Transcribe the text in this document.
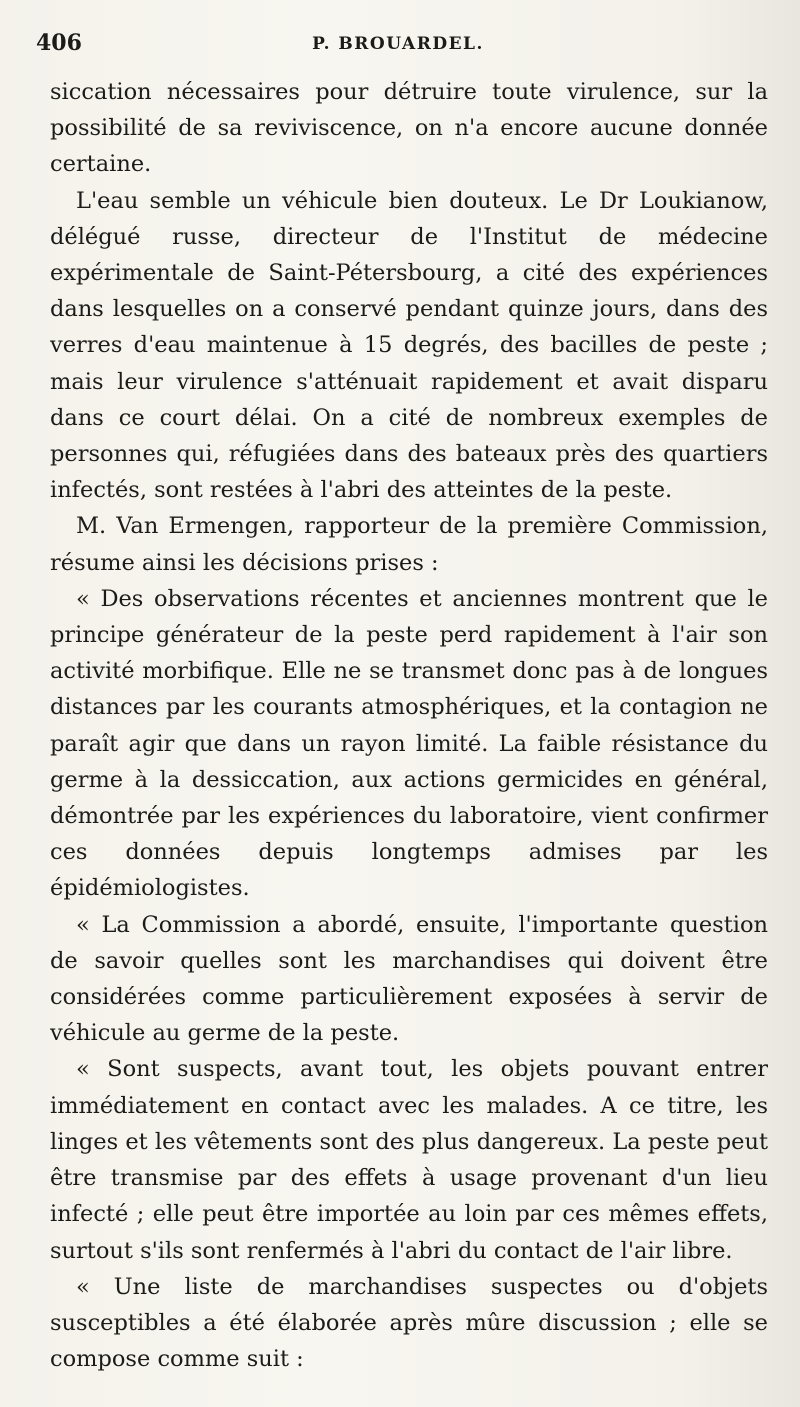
406	P. BROUARDEL.

siccation nécessaires pour détruire toute virulence, sur la possibilité de sa reviviscence, on n'a encore aucune donnée certaine.

L'eau semble un véhicule bien douteux. Le Dr Loukianow, délégué russe, directeur de l'Institut de médecine expérimentale de Saint-Pétersbourg, a cité des expériences dans lesquelles on a conservé pendant quinze jours, dans des verres d'eau maintenue à 15 degrés, des bacilles de peste ; mais leur virulence s'atténuait rapidement et avait disparu dans ce court délai. On a cité de nombreux exemples de personnes qui, réfugiées dans des bateaux près des quartiers infectés, sont restées à l'abri des atteintes de la peste.

M. Van Ermengen, rapporteur de la première Commission, résume ainsi les décisions prises :

« Des observations récentes et anciennes montrent que le principe générateur de la peste perd rapidement à l'air son activité morbifique. Elle ne se transmet donc pas à de longues distances par les courants atmosphériques, et la contagion ne paraît agir que dans un rayon limité. La faible résistance du germe à la dessiccation, aux actions germicides en général, démontrée par les expériences du laboratoire, vient confirmer ces données depuis longtemps admises par les épidémiologistes.

« La Commission a abordé, ensuite, l'importante question de savoir quelles sont les marchandises qui doivent être considérées comme particulièrement exposées à servir de véhicule au germe de la peste.

« Sont suspects, avant tout, les objets pouvant entrer immédiatement en contact avec les malades. A ce titre, les linges et les vêtements sont des plus dangereux. La peste peut être transmise par des effets à usage provenant d'un lieu infecté ; elle peut être importée au loin par ces mêmes effets, surtout s'ils sont renfermés à l'abri du contact de l'air libre.

« Une liste de marchandises suspectes ou d'objets susceptibles a été élaborée après mûre discussion ; elle se compose comme suit :
